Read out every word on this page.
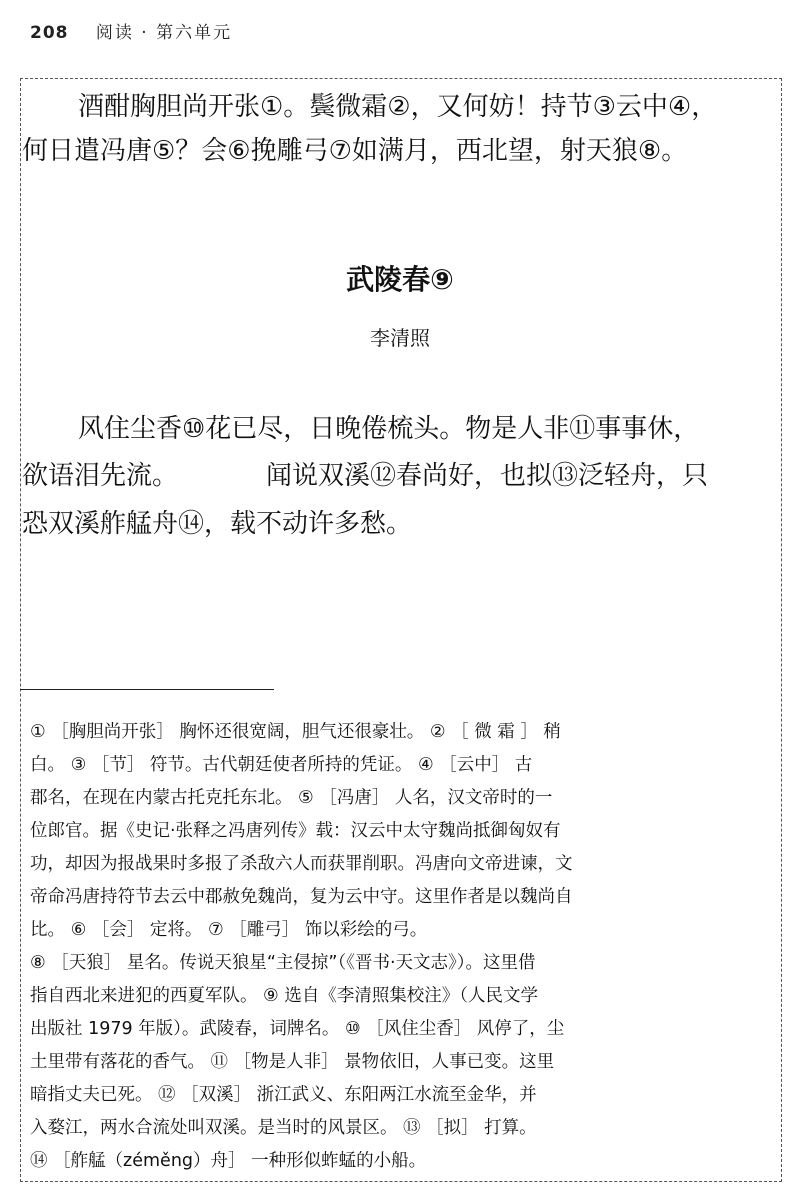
208 阅读 · 第六单元
酒酣胸胆尚开张①。鬓微霜②，又何妨！持节③云中④，
何日遣冯唐⑤？会⑥挽雕弓⑦如满月，西北望，射天狼⑧。
武陵春⑨
李清照
风住尘香⑩花已尽，日晚倦梳头。物是人非⑪事事休，
欲语泪先流。	闻说双溪⑫春尚好，也拟⑬泛轻舟，只
恐双溪舴艋舟⑭，载不动许多愁。
① ［胸胆尚开张］ 胸怀还很宽阔，胆气还很豪壮。 ② ［ 微 霜 ］ 稍
白。 ③ ［节］ 符节。古代朝廷使者所持的凭证。 ④ ［云中］ 古
郡名，在现在内蒙古托克托东北。 ⑤ ［冯唐］ 人名，汉文帝时的一
位郎官。据《史记·张释之冯唐列传》载：汉云中太守魏尚抵御匈奴有
功，却因为报战果时多报了杀敌六人而获罪削职。冯唐向文帝进谏，文
帝命冯唐持符节去云中郡赦免魏尚，复为云中守。这里作者是以魏尚自
比。 ⑥ ［会］ 定将。 ⑦ ［雕弓］ 饰以彩绘的弓。
⑧ ［天狼］ 星名。传说天狼星“主侵掠”（《晋书·天文志》）。这里借
指自西北来进犯的西夏军队。 ⑨ 选自《李清照集校注》（人民文学
出版社 1979 年版）。武陵春，词牌名。 ⑩ ［风住尘香］ 风停了，尘
土里带有落花的香气。 ⑪ ［物是人非］ 景物依旧，人事已变。这里
暗指丈夫已死。 ⑫ ［双溪］ 浙江武义、东阳两江水流至金华，并
入婺江，两水合流处叫双溪。是当时的风景区。 ⑬ ［拟］ 打算。
⑭ ［舴艋（zéměng）舟］ 一种形似蚱蜢的小船。
